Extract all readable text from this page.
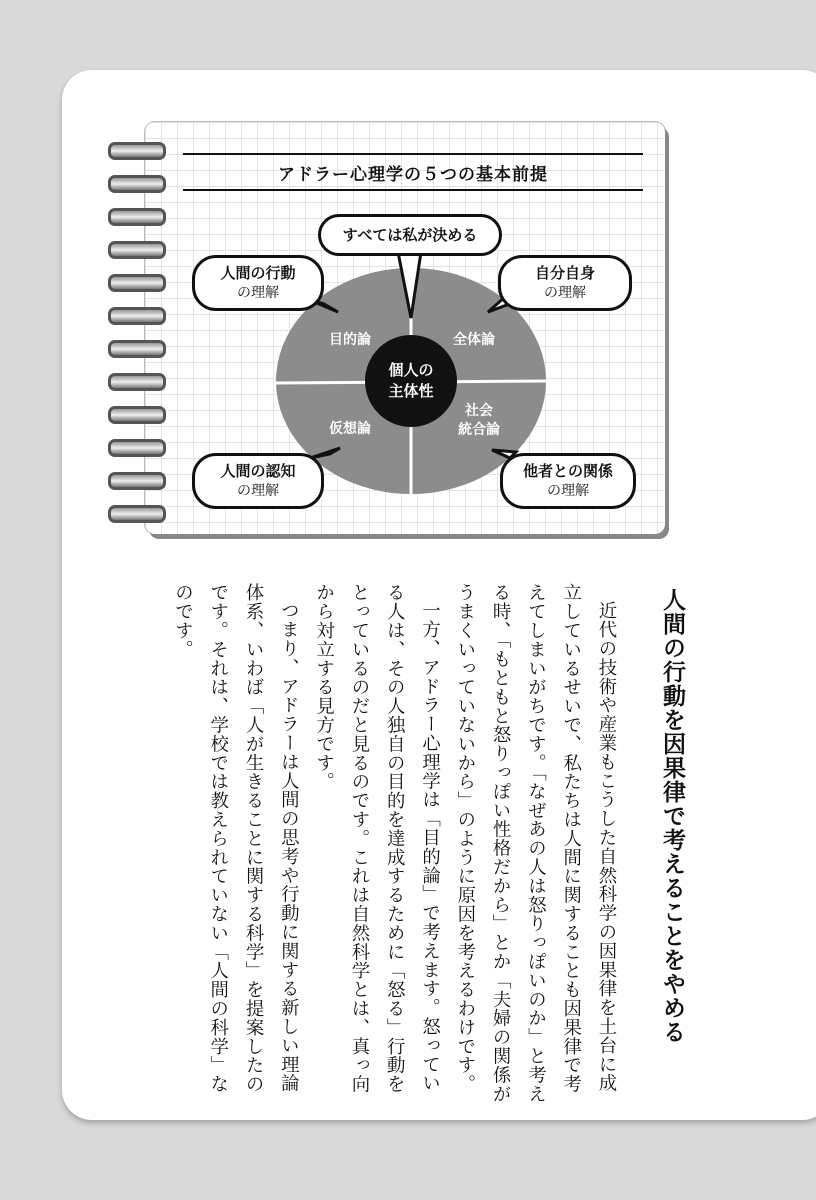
アドラー心理学の５つの基本前提
すべては私が決める
人間の行動
の理解
自分自身
の理解
人間の認知
の理解
他者との関係
の理解
目的論	全体論
仮想論
社会
統合論
個人の
主体性
人間の行動を因果律で考えることをやめる

近代の技術や産業もこうした自然科学の因果律を土台に成立しているせいで、私たちは人間に関することも因果律で考えてしまいがちです。「なぜあの人は怒りっぽいのか」と考える時、「もともと怒りっぽい性格だから」とか「夫婦の関係がうまくいっていないから」のように原因を考えるわけです。

一方、アドラー心理学は「目的論」で考えます。怒っている人は、その人独自の目的を達成するために「怒る」行動をとっているのだと見るのです。これは自然科学とは、真っ向から対立する見方です。

つまり、アドラーは人間の思考や行動に関する新しい理論体系、いわば「人が生きることに関する科学」を提案したのです。それは、学校では教えられていない「人間の科学」なのです。
